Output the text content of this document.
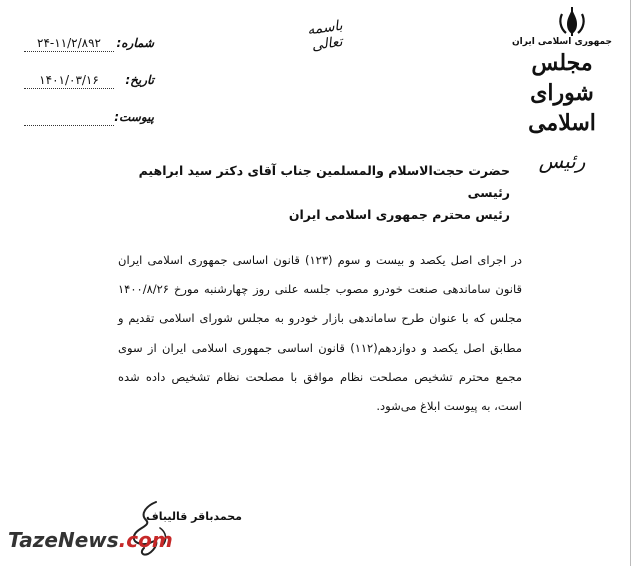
جمهوری اسلامی ایران
مجلس شورای اسلامی
رئیس
باسمه تعالی
شماره:
۲۴-۱۱/۲/۸۹۲
تاریخ:
۱۴۰۱/۰۳/۱۶
پیوست:
حضرت حجت‌الاسلام والمسلمین جناب آقای دکتر سید ابراهیم رئیسی
رئیس محترم جمهوری اسلامی ایران

در اجرای اصل یکصد و بیست و سوم (۱۲۳) قانون اساسی جمهوری اسلامی ایران قانون ساماندهی صنعت خودرو مصوب جلسه علنی روز چهارشنبه مورخ ۱۴۰۰/۸/۲۶ مجلس که با عنوان طرح ساماندهی بازار خودرو به مجلس شورای اسلامی تقدیم و مطابق اصل یکصد و دوازدهم(۱۱۲) قانون اساسی جمهوری اسلامی ایران از سوی مجمع محترم تشخیص مصلحت نظام موافق با مصلحت نظام تشخیص داده شده است، به پیوست ابلاغ می‌شود.

محمدباقر قالیباف
TazeNews.com
